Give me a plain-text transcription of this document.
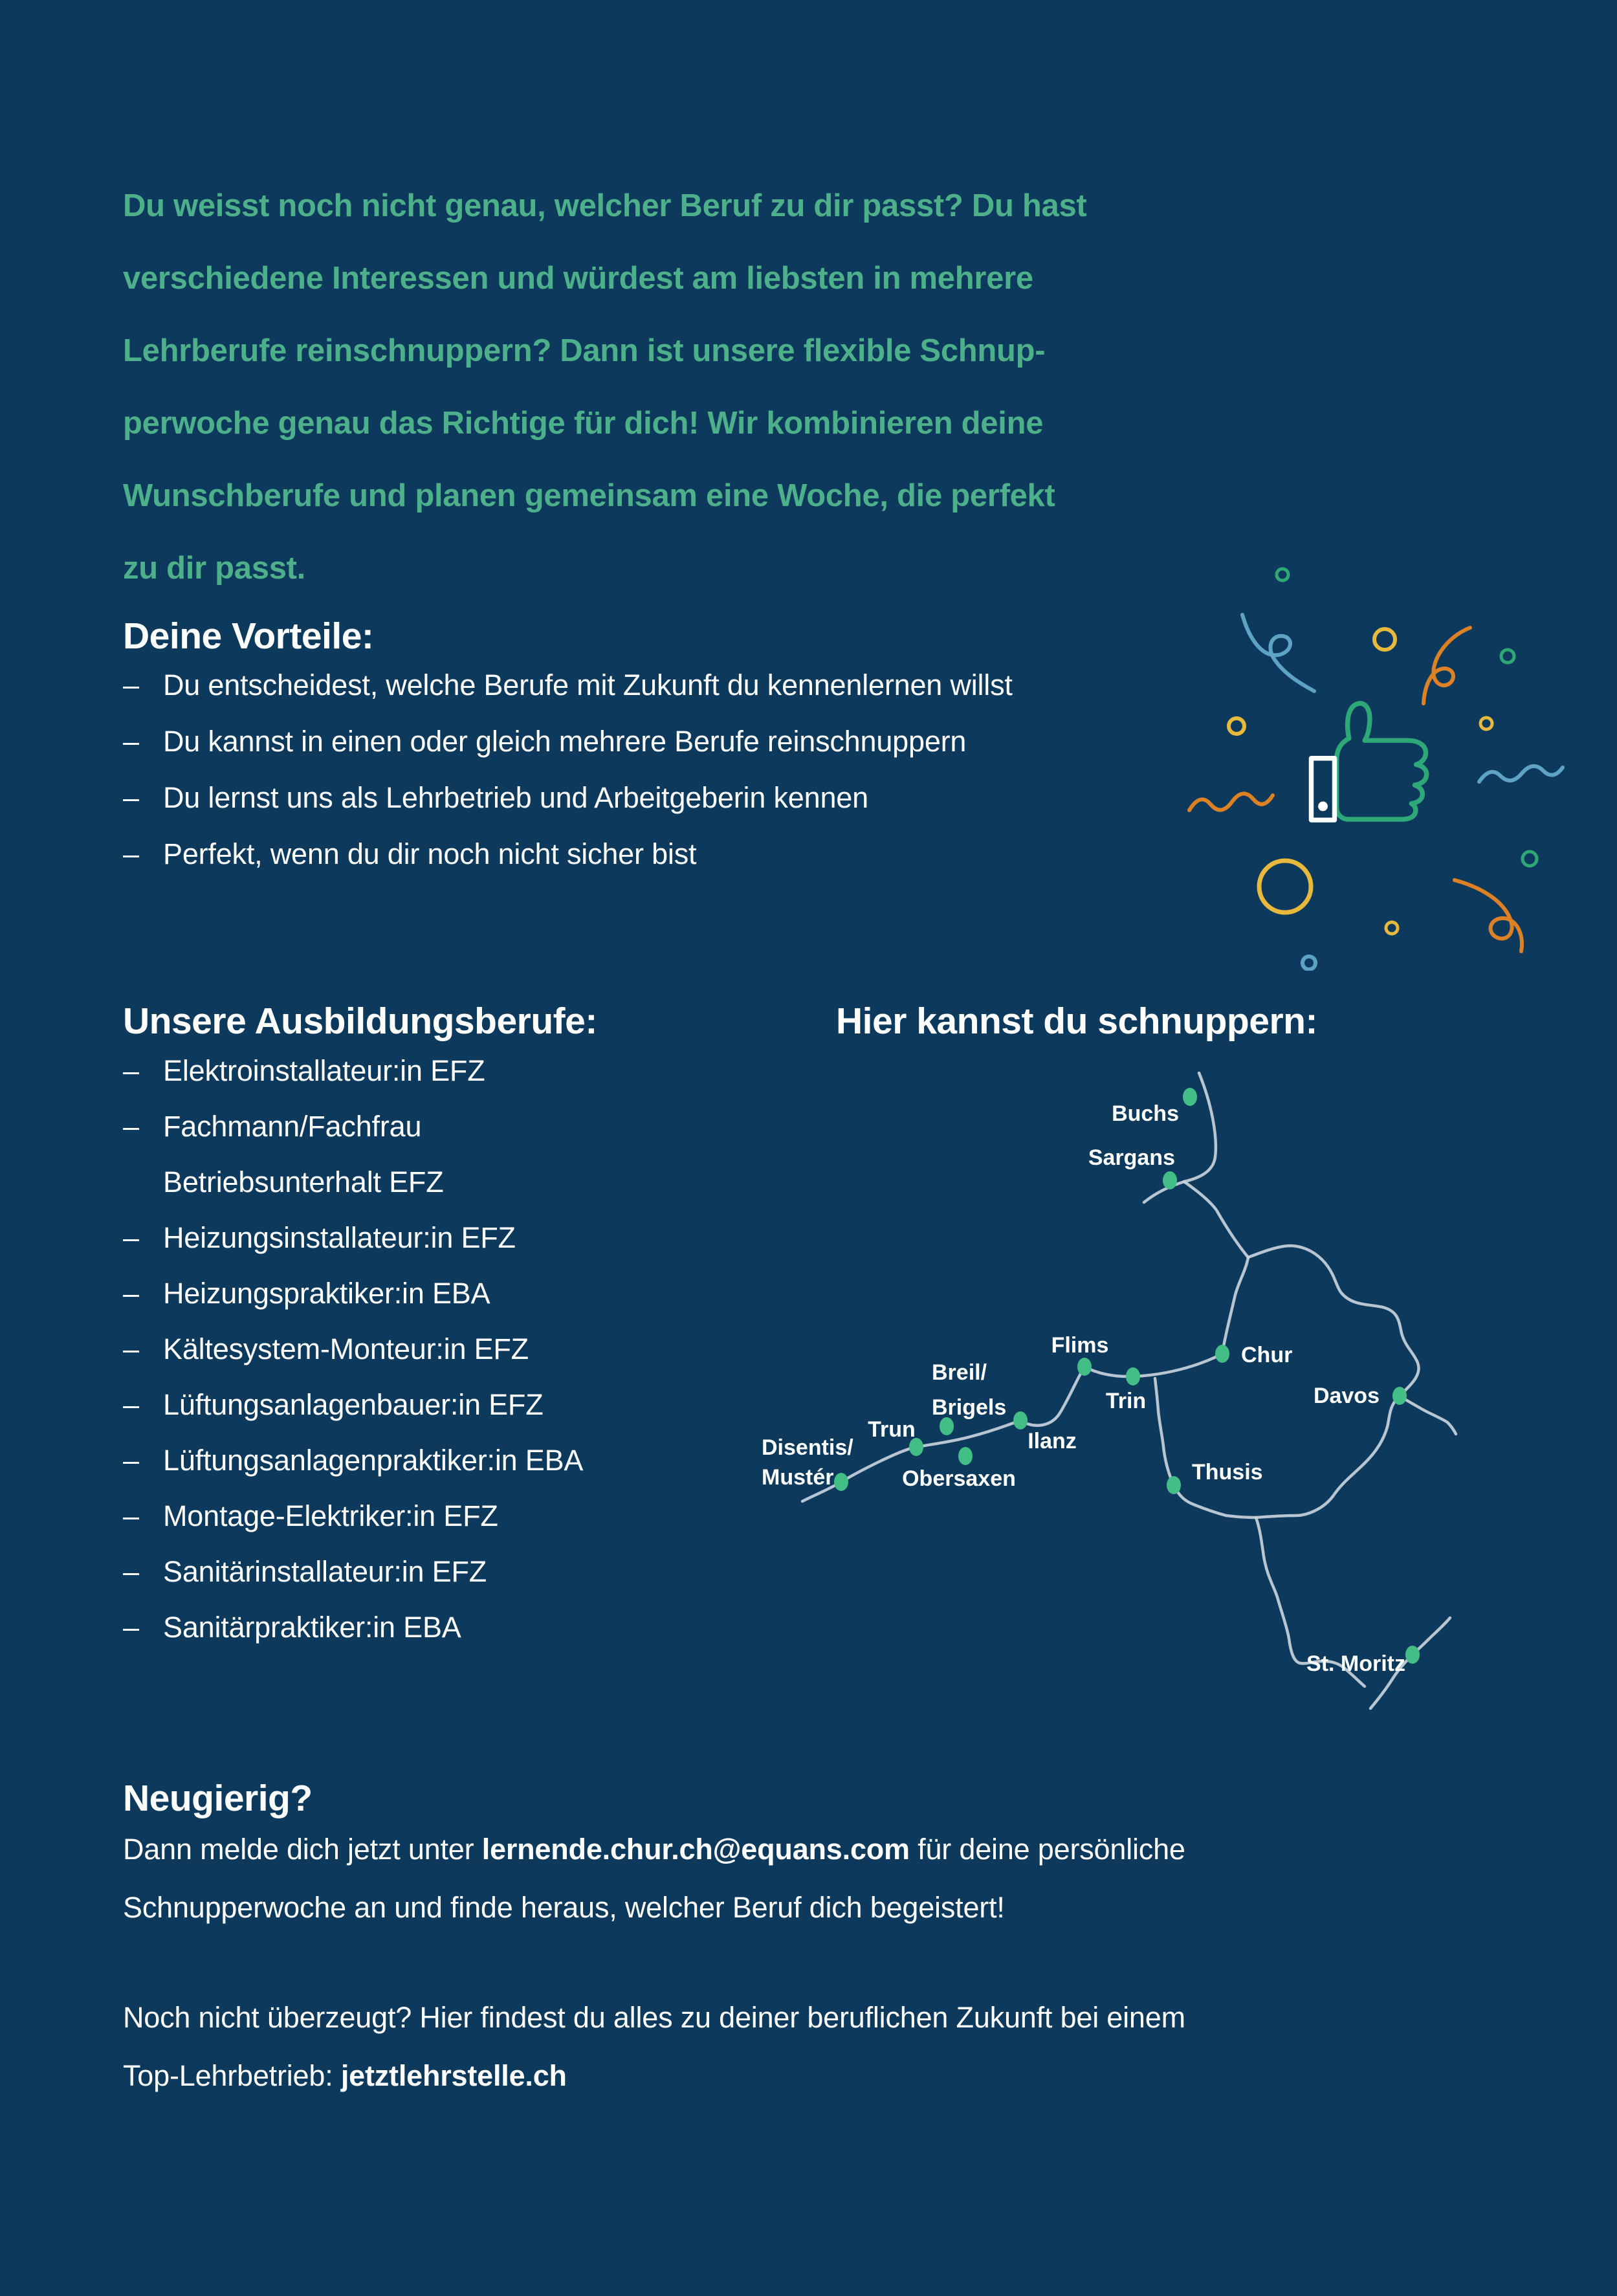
Du weisst noch nicht genau, welcher Beruf zu dir passt? Du hast
verschiedene Interessen und würdest am liebsten in mehrere
Lehrberufe reinschnuppern? Dann ist unsere flexible Schnup-
perwoche genau das Richtige für dich! Wir kombinieren deine
Wunschberufe und planen gemeinsam eine Woche, die perfekt
zu dir passt.
Deine Vorteile:
– Du entscheidest, welche Berufe mit Zukunft du kennenlernen willst
– Du kannst in einen oder gleich mehrere Berufe reinschnuppern
– Du lernst uns als Lehrbetrieb und Arbeitgeberin kennen
– Perfekt, wenn du dir noch nicht sicher bist
Unsere Ausbildungsberufe:
– Elektroinstallateur:in EFZ
– Fachmann/Fachfrau
Betriebsunterhalt EFZ
– Heizungsinstallateur:in EFZ
– Heizungspraktiker:in EBA
– Kältesystem-Monteur:in EFZ
– Lüftungsanlagenbauer:in EFZ
– Lüftungsanlagenpraktiker:in EBA
– Montage-Elektriker:in EFZ
– Sanitärinstallateur:in EFZ
– Sanitärpraktiker:in EBA
Hier kannst du schnuppern:
Buchs
Sargans
Chur
Flims
Trin
Breil/
Brigels
Ilanz
Trun
Obersaxen
Disentis/
Mustér	Thusis
Davos
St. Moritz
Neugierig?
Dann melde dich jetzt unter lernende.chur.ch@equans.com für deine persönliche
Schnupperwoche an und finde heraus, welcher Beruf dich begeistert!
Noch nicht überzeugt? Hier findest du alles zu deiner beruflichen Zukunft bei einem
Top-Lehrbetrieb: jetztlehrstelle.ch
